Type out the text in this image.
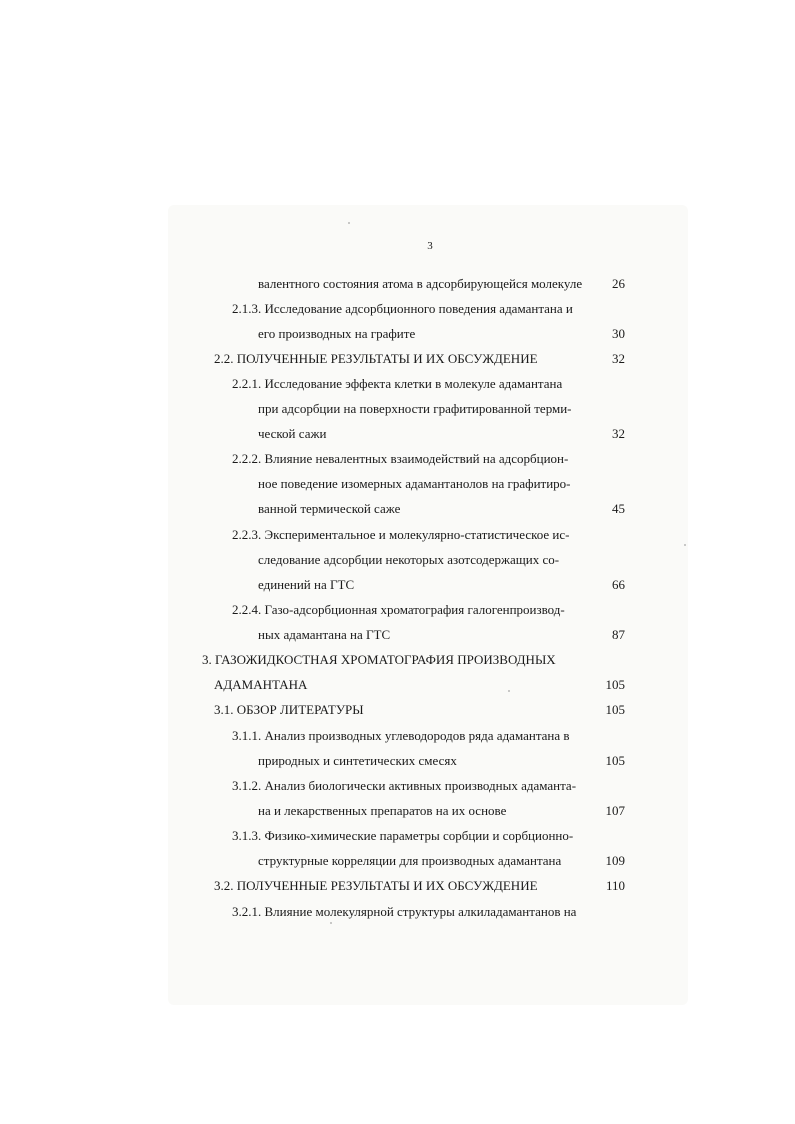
3
валентного состояния атома в адсорбирующейся молекуле	26
2.1.3. Исследование адсорбционного поведения адамантана и
его производных на графите	30
2.2. ПОЛУЧЕННЫЕ РЕЗУЛЬТАТЫ И ИХ ОБСУЖДЕНИЕ	32
2.2.1. Исследование эффекта клетки в молекуле адамантана
при адсорбции на поверхности графитированной терми-
ческой сажи	32
2.2.2. Влияние невалентных взаимодействий на адсорбцион-
ное поведение изомерных адамантанолов на графитиро-
ванной термической саже	45
2.2.3. Экспериментальное и молекулярно-статистическое ис-
следование адсорбции некоторых азотсодержащих со-
единений на ГТС	66
2.2.4. Газо-адсорбционная хроматография галогенпроизвод-
ных адамантана на ГТС	87
3. ГАЗОЖИДКОСТНАЯ ХРОМАТОГРАФИЯ ПРОИЗВОДНЫХ
АДАМАНТАНА	105
3.1. ОБЗОР ЛИТЕРАТУРЫ	105
3.1.1. Анализ производных углеводородов ряда адамантана в
природных и синтетических смесях	105
3.1.2. Анализ биологически активных производных адаманта-
на и лекарственных препаратов на их основе	107
3.1.3. Физико-химические параметры сорбции и сорбционно-
структурные корреляции для производных адамантана	109
3.2. ПОЛУЧЕННЫЕ РЕЗУЛЬТАТЫ И ИХ ОБСУЖДЕНИЕ	110
3.2.1. Влияние молекулярной структуры алкиладамантанов на
